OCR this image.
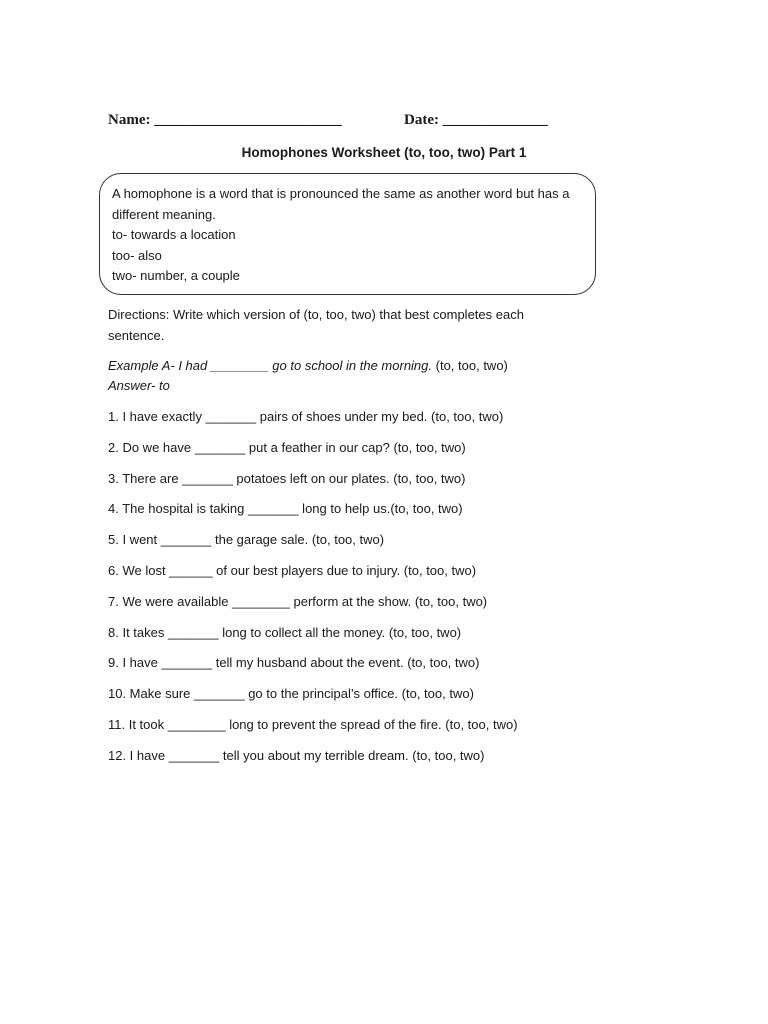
Name: _________________________	Date: ______________
Homophones Worksheet (to, too, two) Part 1
A homophone is a word that is pronounced the same as another word but has a different meaning.
to- towards a location
too- also
two- number, a couple
Directions: Write which version of (to, too, two) that best completes each sentence.
Example A- I had ________ go to school in the morning. (to, too, two)
Answer- to
1. I have exactly _______ pairs of shoes under my bed. (to, too, two)
2. Do we have _______ put a feather in our cap? (to, too, two)
3. There are _______ potatoes left on our plates. (to, too, two)
4. The hospital is taking _______ long to help us.(to, too, two)
5. I went _______ the garage sale. (to, too, two)
6. We lost ______ of our best players due to injury. (to, too, two)
7. We were available ________ perform at the show. (to, too, two)
8. It takes _______ long to collect all the money. (to, too, two)
9. I have _______ tell my husband about the event. (to, too, two)
10. Make sure _______ go to the principal’s office. (to, too, two)
11. It took ________ long to prevent the spread of the fire. (to, too, two)
12. I have _______ tell you about my terrible dream. (to, too, two)
